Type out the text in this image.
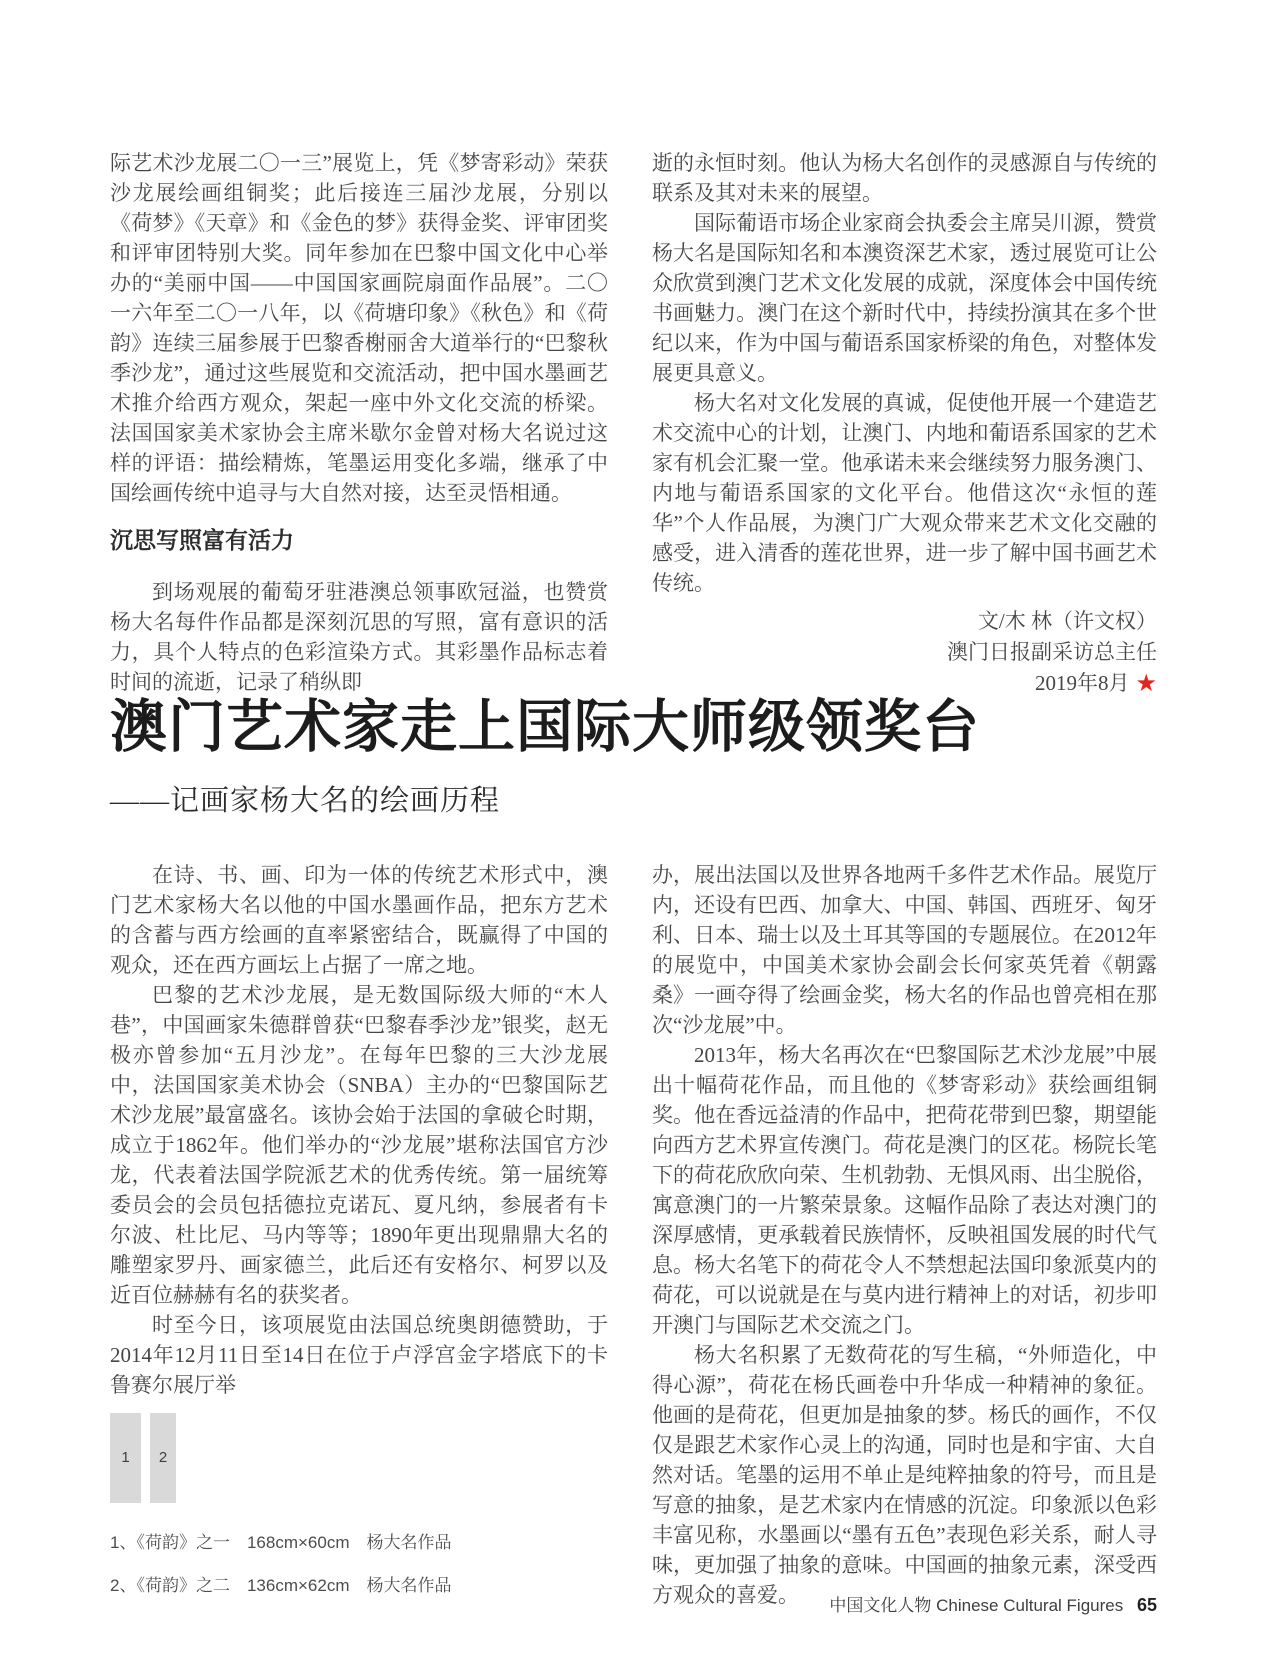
际艺术沙龙展二〇一三”展览上，凭《梦寄彩动》荣获沙龙展绘画组铜奖；此后接连三届沙龙展，分别以《荷梦》《天章》和《金色的梦》获得金奖、评审团奖和评审团特别大奖。同年参加在巴黎中国文化中心举办的“美丽中国——中国国家画院扇面作品展”。二〇一六年至二〇一八年，以《荷塘印象》《秋色》和《荷韵》连续三届参展于巴黎香榭丽舍大道举行的“巴黎秋季沙龙”，通过这些展览和交流活动，把中国水墨画艺术推介给西方观众，架起一座中外文化交流的桥梁。法国国家美术家协会主席米歇尔金曾对杨大名说过这样的评语：描绘精炼，笔墨运用变化多端，继承了中国绘画传统中追寻与大自然对接，达至灵悟相通。

沉思写照富有活力

到场观展的葡萄牙驻港澳总领事欧冠溢，也赞赏杨大名每件作品都是深刻沉思的写照，富有意识的活力，具个人特点的色彩渲染方式。其彩墨作品标志着时间的流逝，记录了稍纵即

逝的永恒时刻。他认为杨大名创作的灵感源自与传统的联系及其对未来的展望。

国际葡语市场企业家商会执委会主席吴川源，赞赏杨大名是国际知名和本澳资深艺术家，透过展览可让公众欣赏到澳门艺术文化发展的成就，深度体会中国传统书画魅力。澳门在这个新时代中，持续扮演其在多个世纪以来，作为中国与葡语系国家桥梁的角色，对整体发展更具意义。

杨大名对文化发展的真诚，促使他开展一个建造艺术交流中心的计划，让澳门、内地和葡语系国家的艺术家有机会汇聚一堂。他承诺未来会继续努力服务澳门、内地与葡语系国家的文化平台。他借这次“永恒的莲华”个人作品展，为澳门广大观众带来艺术文化交融的感受，进入清香的莲花世界，进一步了解中国书画艺术传统。

文/木 林（许文权）
澳门日报副采访总主任
2019年8月 ★
澳门艺术家走上国际大师级领奖台
——记画家杨大名的绘画历程

在诗、书、画、印为一体的传统艺术形式中，澳门艺术家杨大名以他的中国水墨画作品，把东方艺术的含蓄与西方绘画的直率紧密结合，既赢得了中国的观众，还在西方画坛上占据了一席之地。

巴黎的艺术沙龙展，是无数国际级大师的“木人巷”，中国画家朱德群曾获“巴黎春季沙龙”银奖，赵无极亦曾参加“五月沙龙”。在每年巴黎的三大沙龙展中，法国国家美术协会（SNBA）主办的“巴黎国际艺术沙龙展”最富盛名。该协会始于法国的拿破仑时期，成立于1862年。他们举办的“沙龙展”堪称法国官方沙龙，代表着法国学院派艺术的优秀传统。第一届统筹委员会的会员包括德拉克诺瓦、夏凡纳，参展者有卡尔波、杜比尼、马内等等；1890年更出现鼎鼎大名的雕塑家罗丹、画家德兰，此后还有安格尔、柯罗以及近百位赫赫有名的获奖者。

时至今日，该项展览由法国总统奥朗德赞助，于2014年12月11日至14日在位于卢浮宫金字塔底下的卡鲁赛尔展厅举

1	2

1、《荷韵》之一　168cm×60cm　杨大名作品

2、《荷韵》之二　136cm×62cm　杨大名作品

办，展出法国以及世界各地两千多件艺术作品。展览厅内，还设有巴西、加拿大、中国、韩国、西班牙、匈牙利、日本、瑞士以及土耳其等国的专题展位。在2012年的展览中，中国美术家协会副会长何家英凭着《朝露桑》一画夺得了绘画金奖，杨大名的作品也曾亮相在那次“沙龙展”中。

2013年，杨大名再次在“巴黎国际艺术沙龙展”中展出十幅荷花作品，而且他的《梦寄彩动》获绘画组铜奖。他在香远益清的作品中，把荷花带到巴黎，期望能向西方艺术界宣传澳门。荷花是澳门的区花。杨院长笔下的荷花欣欣向荣、生机勃勃、无惧风雨、出尘脱俗，寓意澳门的一片繁荣景象。这幅作品除了表达对澳门的深厚感情，更承载着民族情怀，反映祖国发展的时代气息。杨大名笔下的荷花令人不禁想起法国印象派莫内的荷花，可以说就是在与莫内进行精神上的对话，初步叩开澳门与国际艺术交流之门。

杨大名积累了无数荷花的写生稿，“外师造化，中得心源”，荷花在杨氏画卷中升华成一种精神的象征。他画的是荷花，但更加是抽象的梦。杨氏的画作，不仅仅是跟艺术家作心灵上的沟通，同时也是和宇宙、大自然对话。笔墨的运用不单止是纯粹抽象的符号，而且是写意的抽象，是艺术家内在情感的沉淀。印象派以色彩丰富见称，水墨画以“墨有五色”表现色彩关系，耐人寻味，更加强了抽象的意味。中国画的抽象元素，深受西方观众的喜爱。	中国文化人物 Chinese Cultural Figures 65
